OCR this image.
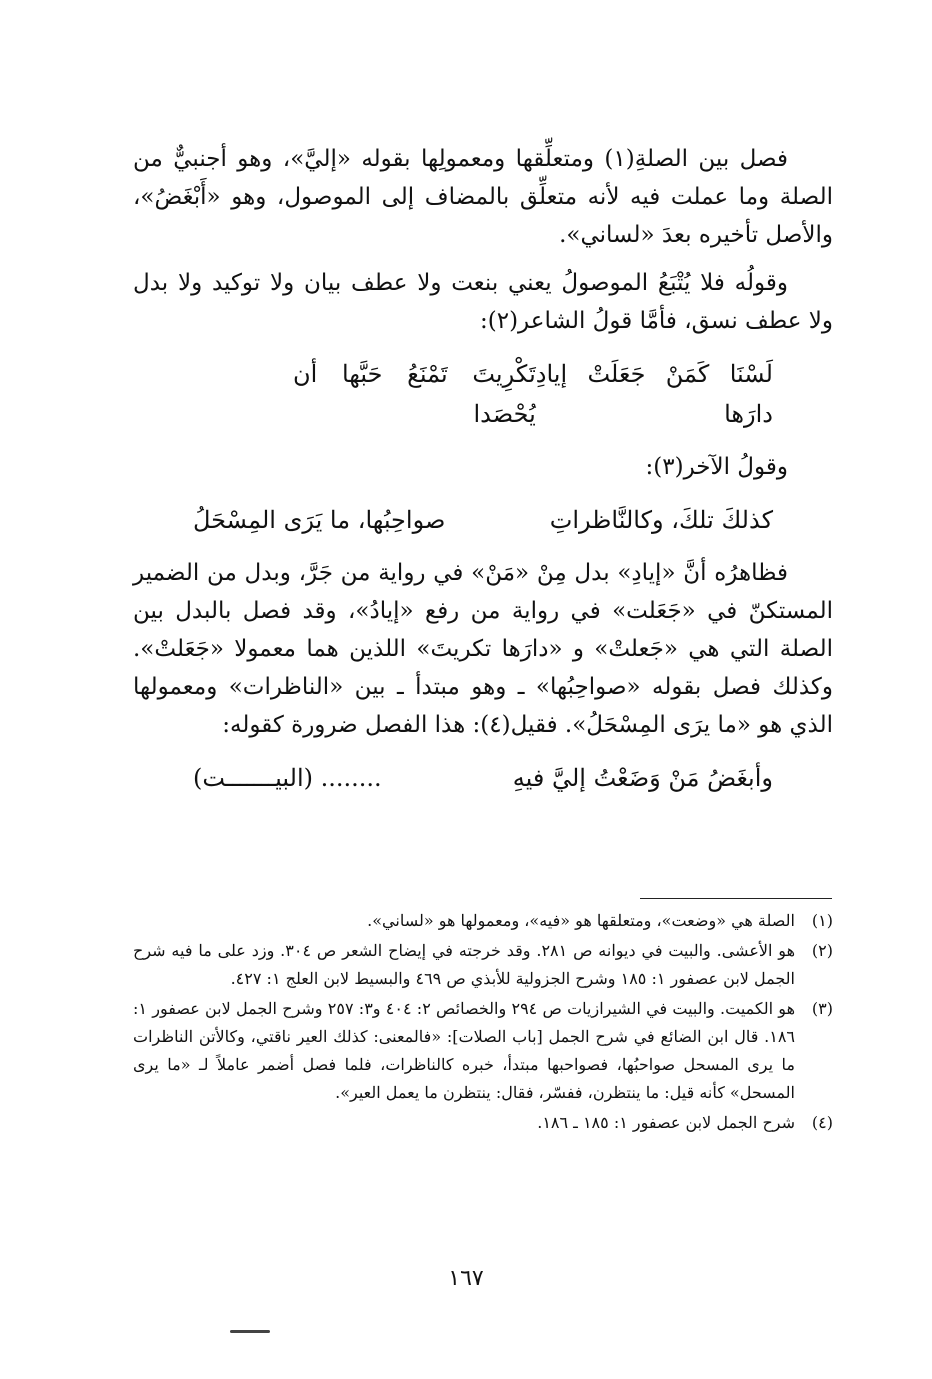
فصل بين الصلةِ(١) ومتعلِّقها ومعمولِها بقوله «إليَّ»، وهو أجنبيٌّ من الصلة وما عملت فيه لأنه متعلِّق بالمضاف إلى الموصول، وهو «أَبْغَضُ»، والأصل تأخيره بعدَ «لساني».

وقولُه فلا يُتْبَعُ الموصولُ يعني بنعت ولا عطف بيان ولا توكيد ولا بدل ولا عطف نسق، فأمَّا قولُ الشاعر(٢):

لَسْنَا كَمَنْ جَعَلَتْ إيادِ دارَها
تَكْرِيتَ تَمْنَعُ حَبَّها أن يُحْصَدا

وقولُ الآخر(٣):

كذلكَ تلكَ، وكالنَّاظراتِ
صواحِبُها، ما يَرَى المِسْحَلُ

فظاهرُه أنَّ «إيادِ» بدل مِنْ «مَنْ» في رواية من جَرَّ، وبدل من الضمير المستكنّ في «جَعَلت» في رواية من رفع «إيادُ»، وقد فصل بالبدل بين الصلة التي هي «جَعلتْ» و «دارَها تكريتَ» اللذين هما معمولا «جَعَلتْ». وكذلك فصل بقوله «صواحِبُها» ـ وهو مبتدأ ـ بين «الناظرات» ومعمولها الذي هو «ما يرَى المِسْحَلُ». فقيل(٤): هذا الفصل ضرورة كقوله:

وأبغَضُ مَنْ وَضَعْتُ إليَّ فيهِ
........ (البيـــــــت)

(١)
الصلة هي «وضعت»، ومتعلقها هو «فيه»، ومعمولها هو «لساني».
(٢)
هو الأعشى. والبيت في ديوانه ص ٢٨١. وقد خرجته في إيضاح الشعر ص ٣٠٤. وزد على ما فيه شرح الجمل لابن عصفور ١: ١٨٥ وشرح الجزولية للأبذي ص ٤٦٩ والبسيط لابن العلج ١: ٤٢٧.
(٣)
هو الكميت. والبيت في الشيرازيات ص ٢٩٤ والخصائص ٢: ٤٠٤ و٣: ٢٥٧ وشرح الجمل لابن عصفور ١: ١٨٦. قال ابن الضائع في شرح الجمل [باب الصلات]: «فالمعنى: كذلك العير ناقتي، وكالأتن الناظرات ما يرى المسحل صواحبُها، فصواحبها مبتدأ، خبره كالناظرات، فلما فصل أضمر عاملاً لـ «ما يرى المسحل» كأنه قيل: ما ينتظرن، ففسّر، فقال: ينتظرن ما يعمل العير».
(٤)
شرح الجمل لابن عصفور ١: ١٨٥ ـ ١٨٦.
١٦٧
